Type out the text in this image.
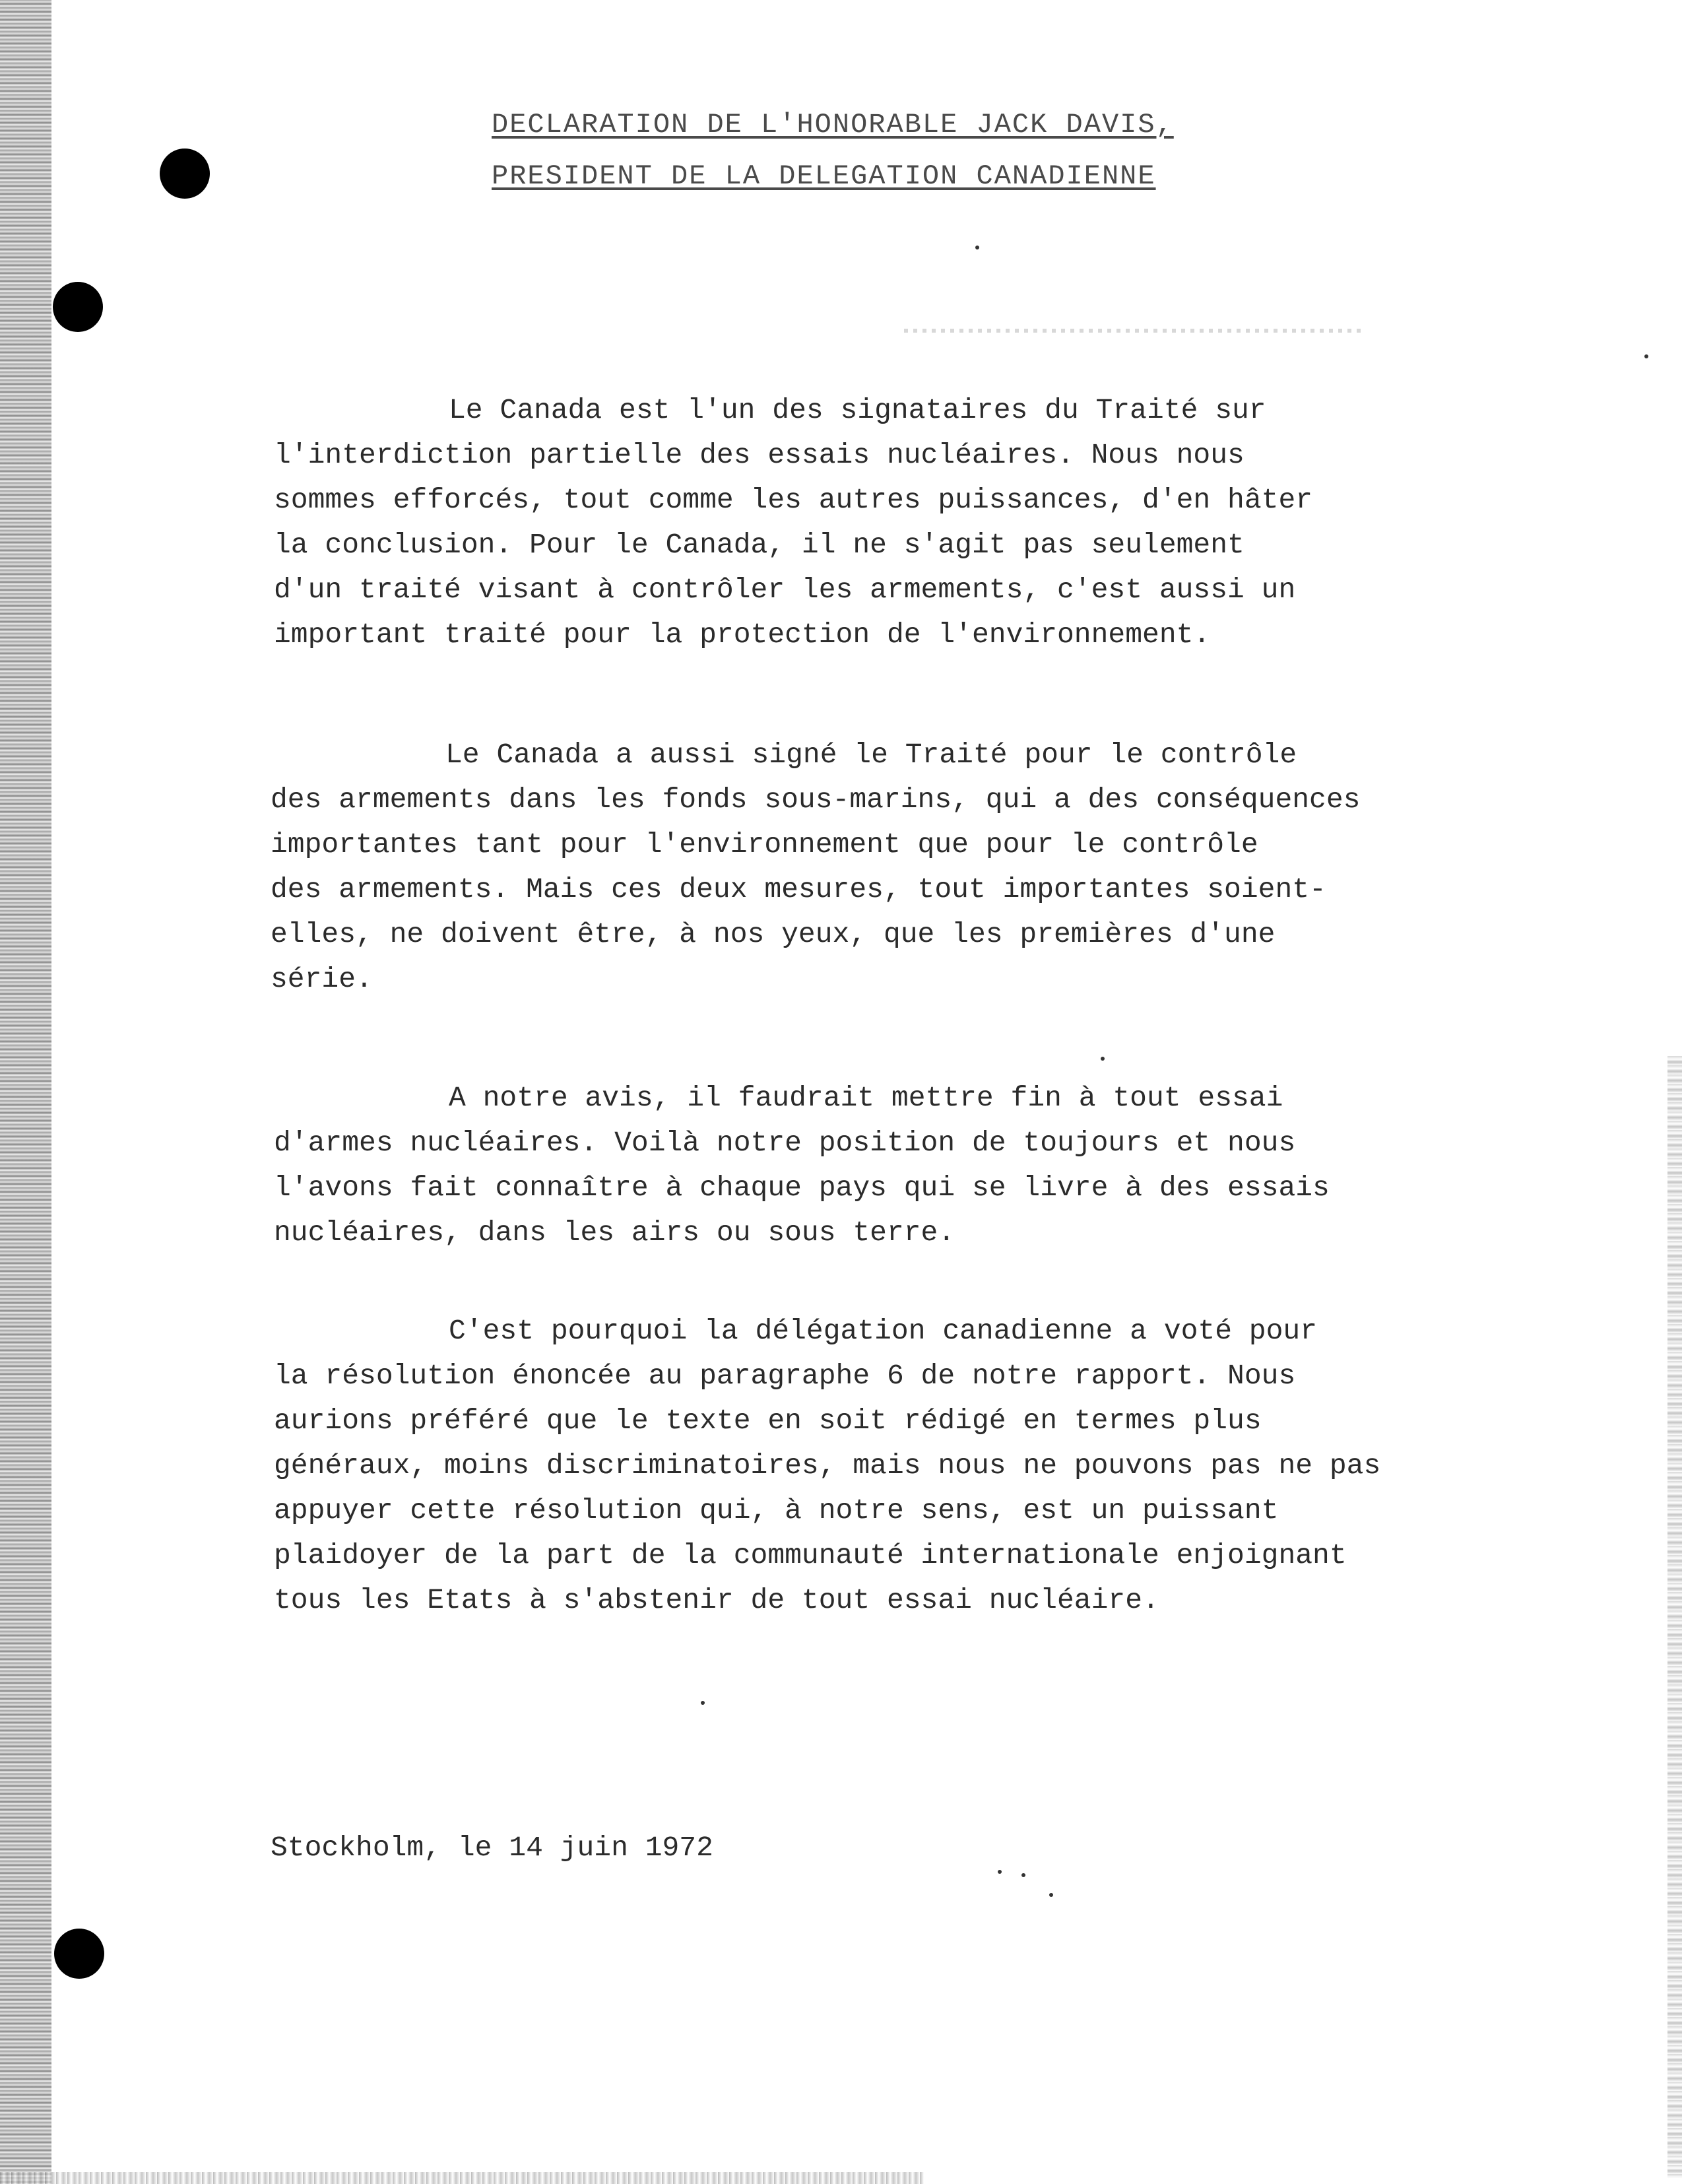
DECLARATION DE L'HONORABLE JACK DAVIS,
PRESIDENT DE LA DELEGATION CANADIENNE

Le Canada est l'un des signataires du Traité sur
l'interdiction partielle des essais nucléaires. Nous nous
sommes efforcés, tout comme les autres puissances, d'en hâter
la conclusion. Pour le Canada, il ne s'agit pas seulement
d'un traité visant à contrôler les armements, c'est aussi un
important traité pour la protection de l'environnement.

Le Canada a aussi signé le Traité pour le contrôle
des armements dans les fonds sous-marins, qui a des conséquences
importantes tant pour l'environnement que pour le contrôle
des armements. Mais ces deux mesures, tout importantes soient-
elles, ne doivent être, à nos yeux, que les premières d'une
série.

A notre avis, il faudrait mettre fin à tout essai
d'armes nucléaires. Voilà notre position de toujours et nous
l'avons fait connaître à chaque pays qui se livre à des essais
nucléaires, dans les airs ou sous terre.

C'est pourquoi la délégation canadienne a voté pour
la résolution énoncée au paragraphe 6 de notre rapport. Nous
aurions préféré que le texte en soit rédigé en termes plus
généraux, moins discriminatoires, mais nous ne pouvons pas ne pas
appuyer cette résolution qui, à notre sens, est un puissant
plaidoyer de la part de la communauté internationale enjoignant
tous les Etats à s'abstenir de tout essai nucléaire.

Stockholm, le 14 juin 1972
